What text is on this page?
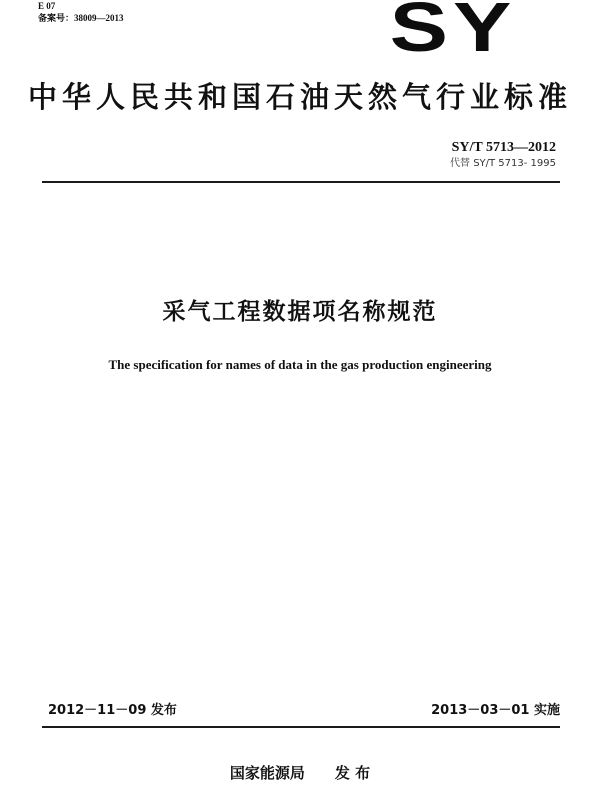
E 07
备案号：38009—2013	SY
中华人民共和国石油天然气行业标准
SY/T 5713—2012
代替 SY/T 5713- 1995
采气工程数据项名称规范
The specification for names of data in the gas production engineering
2012－11－09 发布	2013－03－01 实施
国家能源局 发 布
